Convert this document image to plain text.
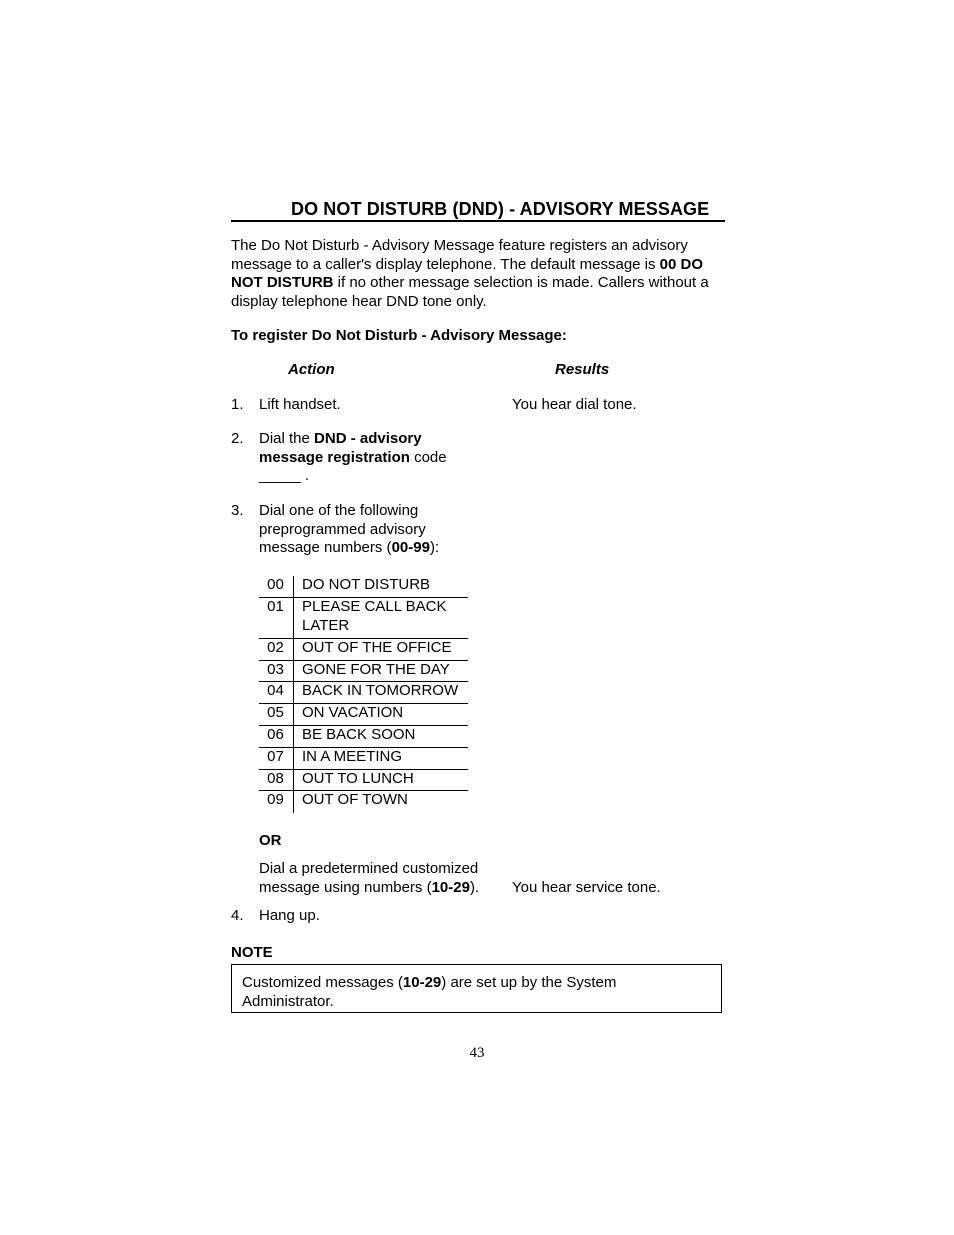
DO NOT DISTURB (DND) - ADVISORY MESSAGE
The Do Not Disturb - Advisory Message feature registers an advisory message to a caller's display telephone. The default message is 00 DO NOT DISTURB if no other message selection is made. Callers without a display telephone hear DND tone only.
To register Do Not Disturb - Advisory Message:
Action	Results
1. Lift handset.	You hear dial tone.
2. Dial the DND - advisory message registration code _____ .
3. Dial one of the following preprogrammed advisory message numbers (00-99):
00	DO NOT DISTURB
01	PLEASE CALL BACK LATER
02	OUT OF THE OFFICE
03	GONE FOR THE DAY
04	BACK IN TOMORROW
05	ON VACATION
06	BE BACK SOON
07	IN A MEETING
08	OUT TO LUNCH
09	OUT OF TOWN
OR
Dial a predetermined customized message using numbers (10-29).	You hear service tone.
4. Hang up.
NOTE
Customized messages (10-29) are set up by the System Administrator.
43
